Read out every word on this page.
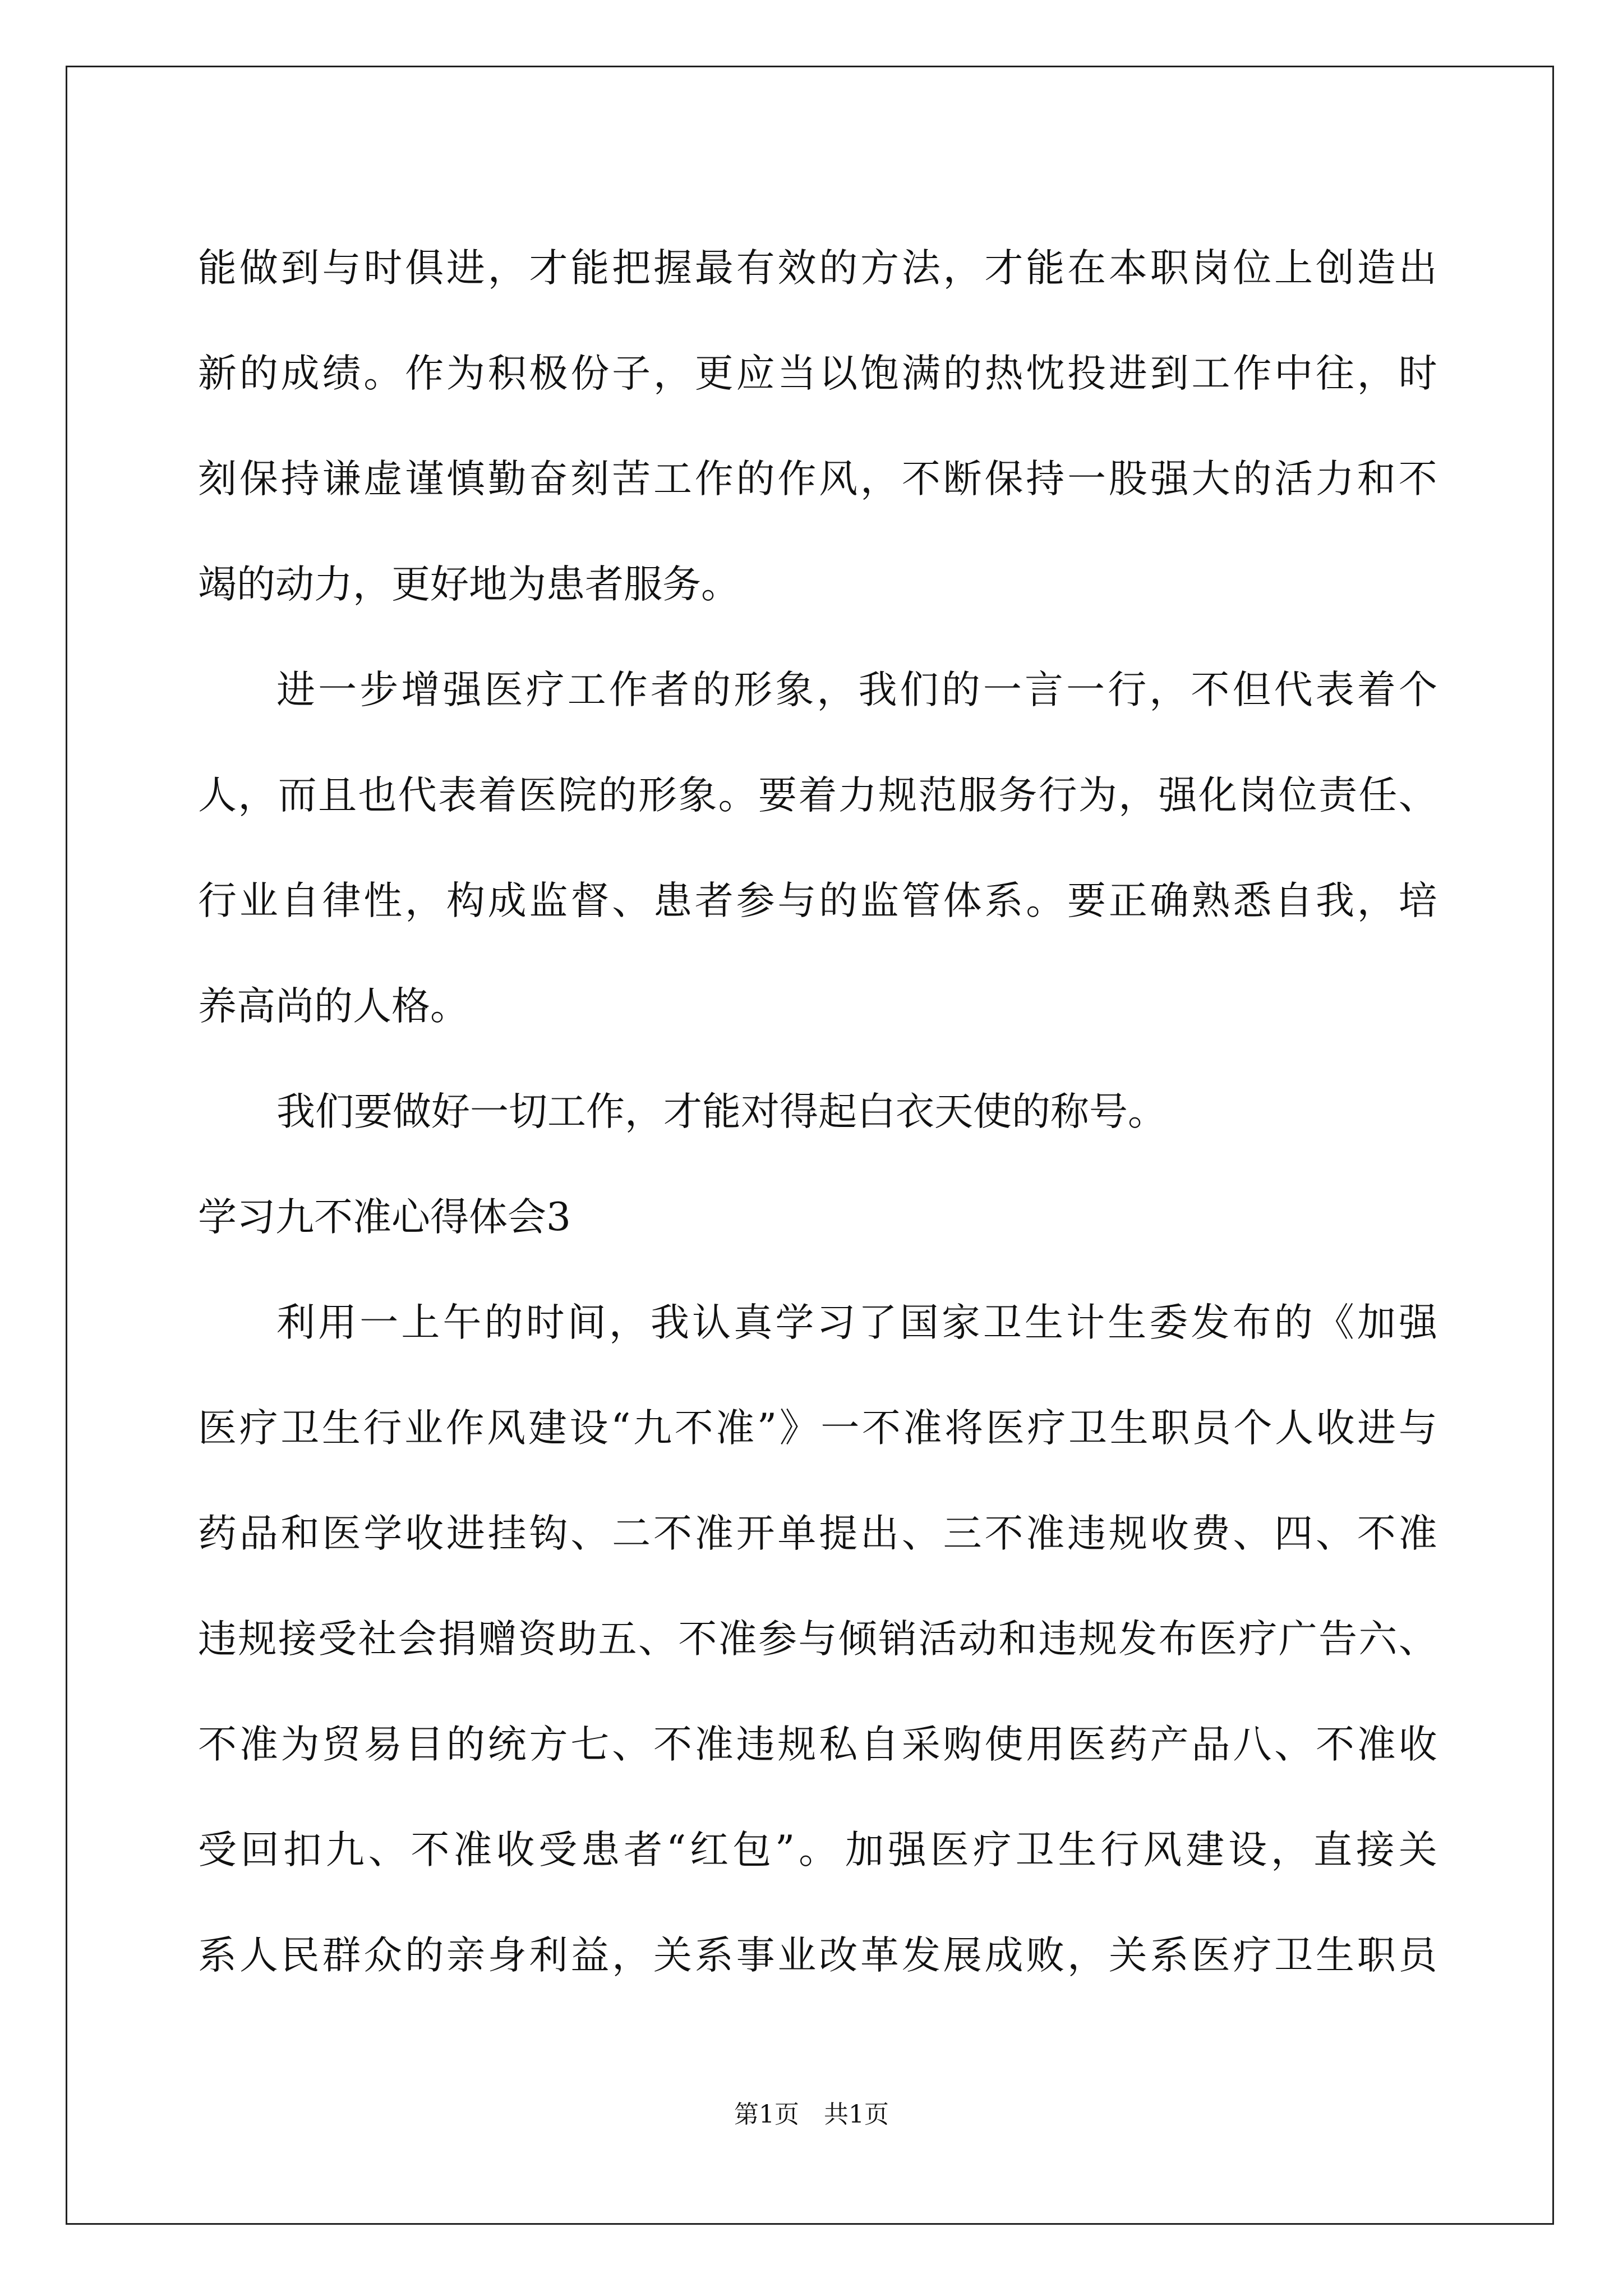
能 做 到 与 时 俱 进 ， 才 能 把 握 最 有 效 的 方 法 ， 才 能 在 本 职 岗 位 上 创 造 出
新 的 成 绩 。 作 为 积 极 份 子 ， 更 应 当 以 饱 满 的 热 忱 投 进 到 工 作 中 往 ， 时
刻 保 持 谦 虚 谨 慎 勤 奋 刻 苦 工 作 的 作 风 ， 不 断 保 持 一 股 强 大 的 活 力 和 不
竭的动力，更好地为患者服务。
进 一 步 增 强 医 疗 工 作 者 的 形 象 ， 我 们 的 一 言 一 行 ， 不 但 代 表 着 个
人 ， 而 且 也 代 表 着 医 院 的 形 象 。 要 着 力 规 范 服 务 行 为 ， 强 化 岗 位 责 任 、
行 业 自 律 性 ， 构 成 监 督 、 患 者 参 与 的 监 管 体 系 。 要 正 确 熟 悉 自 我 ， 培
养高尚的人格。
我们要做好一切工作，才能对得起白衣天使的称号。
学习九不准心得体会3
利 用 一 上 午 的 时 间 ， 我 认 真 学 习 了 国 家 卫 生 计 生 委 发 布 的 《 加 强
医 疗 卫 生 行 业 作 风 建 设 “ 九 不 准 ” 》 一 不 准 将 医 疗 卫 生 职 员 个 人 收 进 与
药 品 和 医 学 收 进 挂 钩 、 二 不 准 开 单 提 出 、 三 不 准 违 规 收 费 、 四 、 不 准
违 规 接 受 社 会 捐 赠 资 助 五 、 不 准 参 与 倾 销 活 动 和 违 规 发 布 医 疗 广 告 六 、
不 准 为 贸 易 目 的 统 方 七 、 不 准 违 规 私 自 采 购 使 用 医 药 产 品 八 、 不 准 收
受 回 扣 九 、 不 准 收 受 患 者 “ 红 包 ” 。 加 强 医 疗 卫 生 行 风 建 设 ， 直 接 关
系 人 民 群 众 的 亲 身 利 益 ， 关 系 事 业 改 革 发 展 成 败 ， 关 系 医 疗 卫 生 职 员
第1页　共1页
